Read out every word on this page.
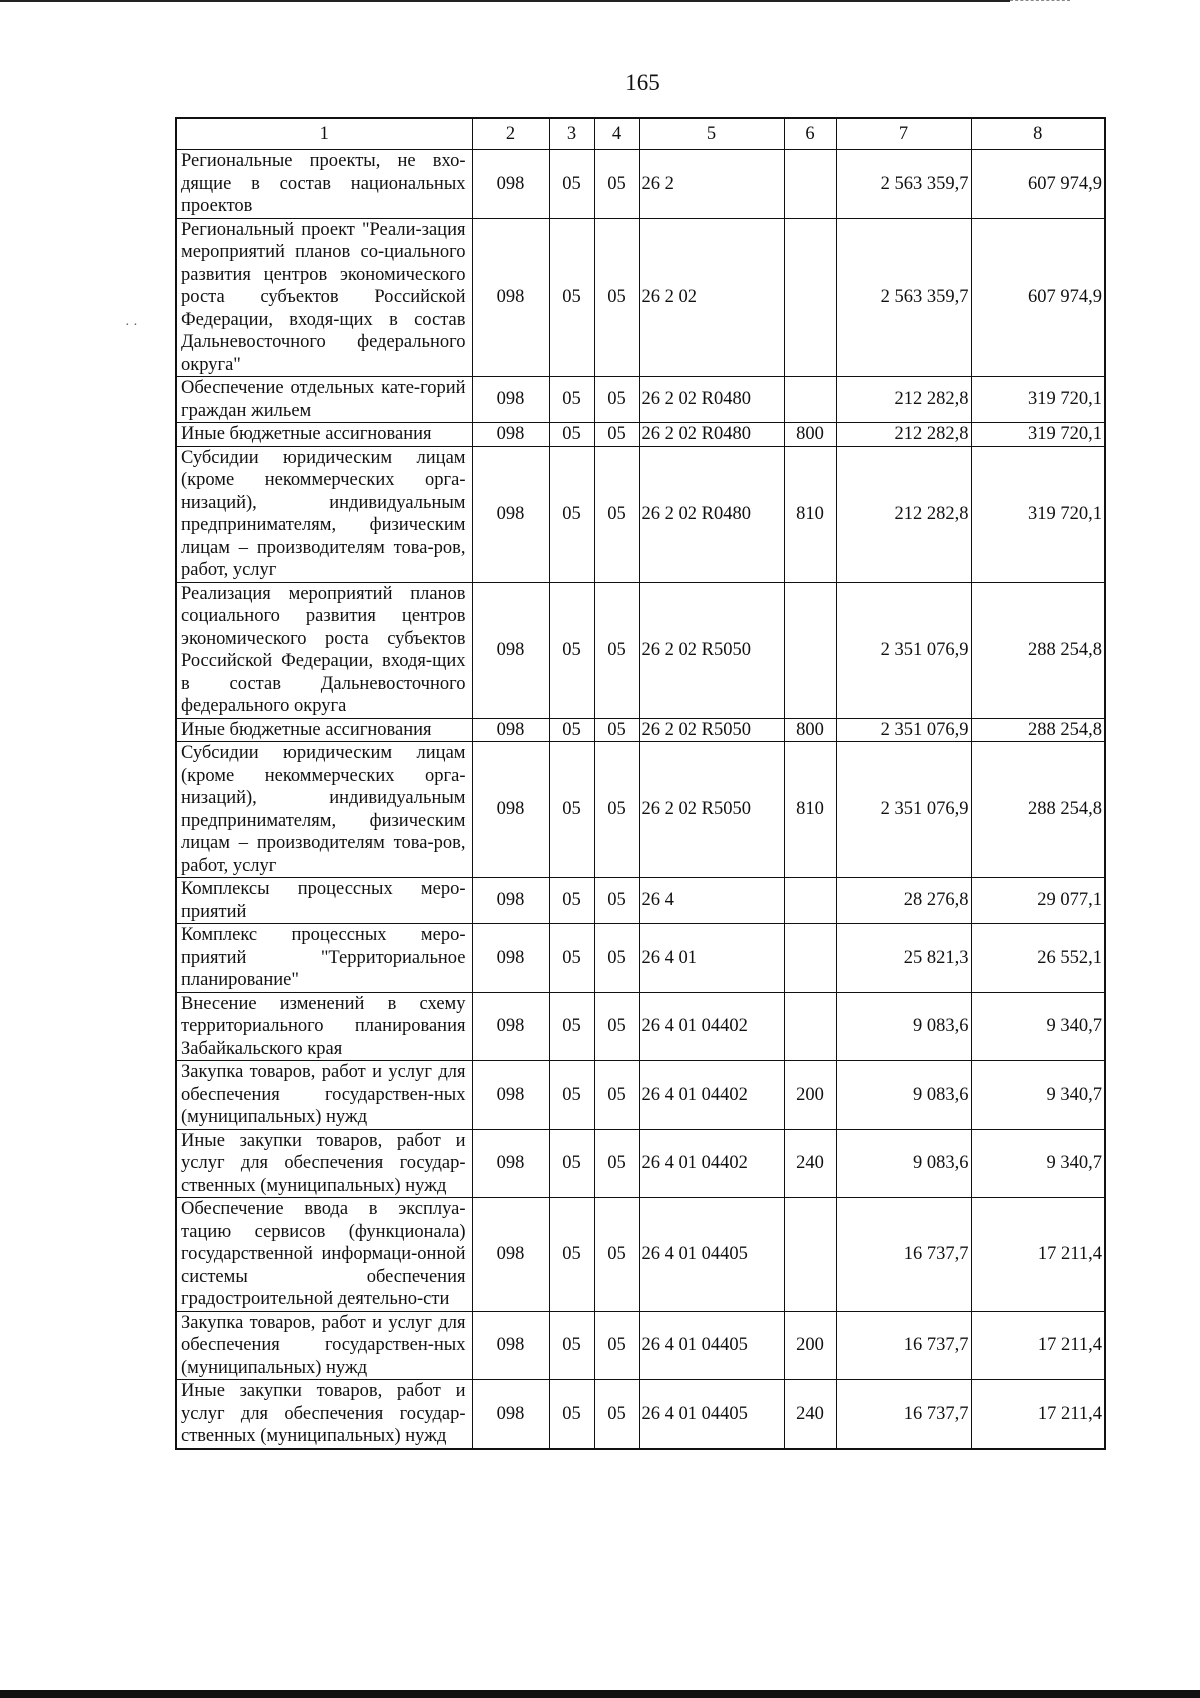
165
1	2	3	4	5	6	7	8
Региональные проекты, не вхо-дящие в состав национальных проектов	098	05	05	26 2		2 563 359,7	607 974,9
Региональный проект "Реали-зация мероприятий планов со-циального развития центров экономического роста субъектов Российской Федерации, входя-щих в состав Дальневосточного федерального округа"	098	05	05	26 2 02		2 563 359,7	607 974,9
Обеспечение отдельных кате-горий граждан жильем	098	05	05	26 2 02 R0480		212 282,8	319 720,1
Иные бюджетные ассигнования	098	05	05	26 2 02 R0480	800	212 282,8	319 720,1
Субсидии юридическим лицам (кроме некоммерческих орга-низаций), индивидуальным предпринимателям, физическим лицам – производителям това-ров, работ, услуг	098	05	05	26 2 02 R0480	810	212 282,8	319 720,1
Реализация мероприятий планов социального развития центров экономического роста субъектов Российской Федерации, входя-щих в состав Дальневосточного федерального округа	098	05	05	26 2 02 R5050		2 351 076,9	288 254,8
Иные бюджетные ассигнования	098	05	05	26 2 02 R5050	800	2 351 076,9	288 254,8
Субсидии юридическим лицам (кроме некоммерческих орга-низаций), индивидуальным предпринимателям, физическим лицам – производителям това-ров, работ, услуг	098	05	05	26 2 02 R5050	810	2 351 076,9	288 254,8
Комплексы процессных меро-приятий	098	05	05	26 4		28 276,8	29 077,1
Комплекс процессных меро-приятий "Территориальное планирование"	098	05	05	26 4 01		25 821,3	26 552,1
Внесение изменений в схему территориального планирования Забайкальского края	098	05	05	26 4 01 04402		9 083,6	9 340,7
Закупка товаров, работ и услуг для обеспечения государствен-ных (муниципальных) нужд	098	05	05	26 4 01 04402	200	9 083,6	9 340,7
Иные закупки товаров, работ и услуг для обеспечения государ-ственных (муниципальных) нужд	098	05	05	26 4 01 04402	240	9 083,6	9 340,7
Обеспечение ввода в эксплуа-тацию сервисов (функционала) государственной информаци-онной системы обеспечения градостроительной деятельно-сти	098	05	05	26 4 01 04405		16 737,7	17 211,4
Закупка товаров, работ и услуг для обеспечения государствен-ных (муниципальных) нужд	098	05	05	26 4 01 04405	200	16 737,7	17 211,4
Иные закупки товаров, работ и услуг для обеспечения государ-ственных (муниципальных) нужд	098	05	05	26 4 01 04405	240	16 737,7	17 211,4
· ·
